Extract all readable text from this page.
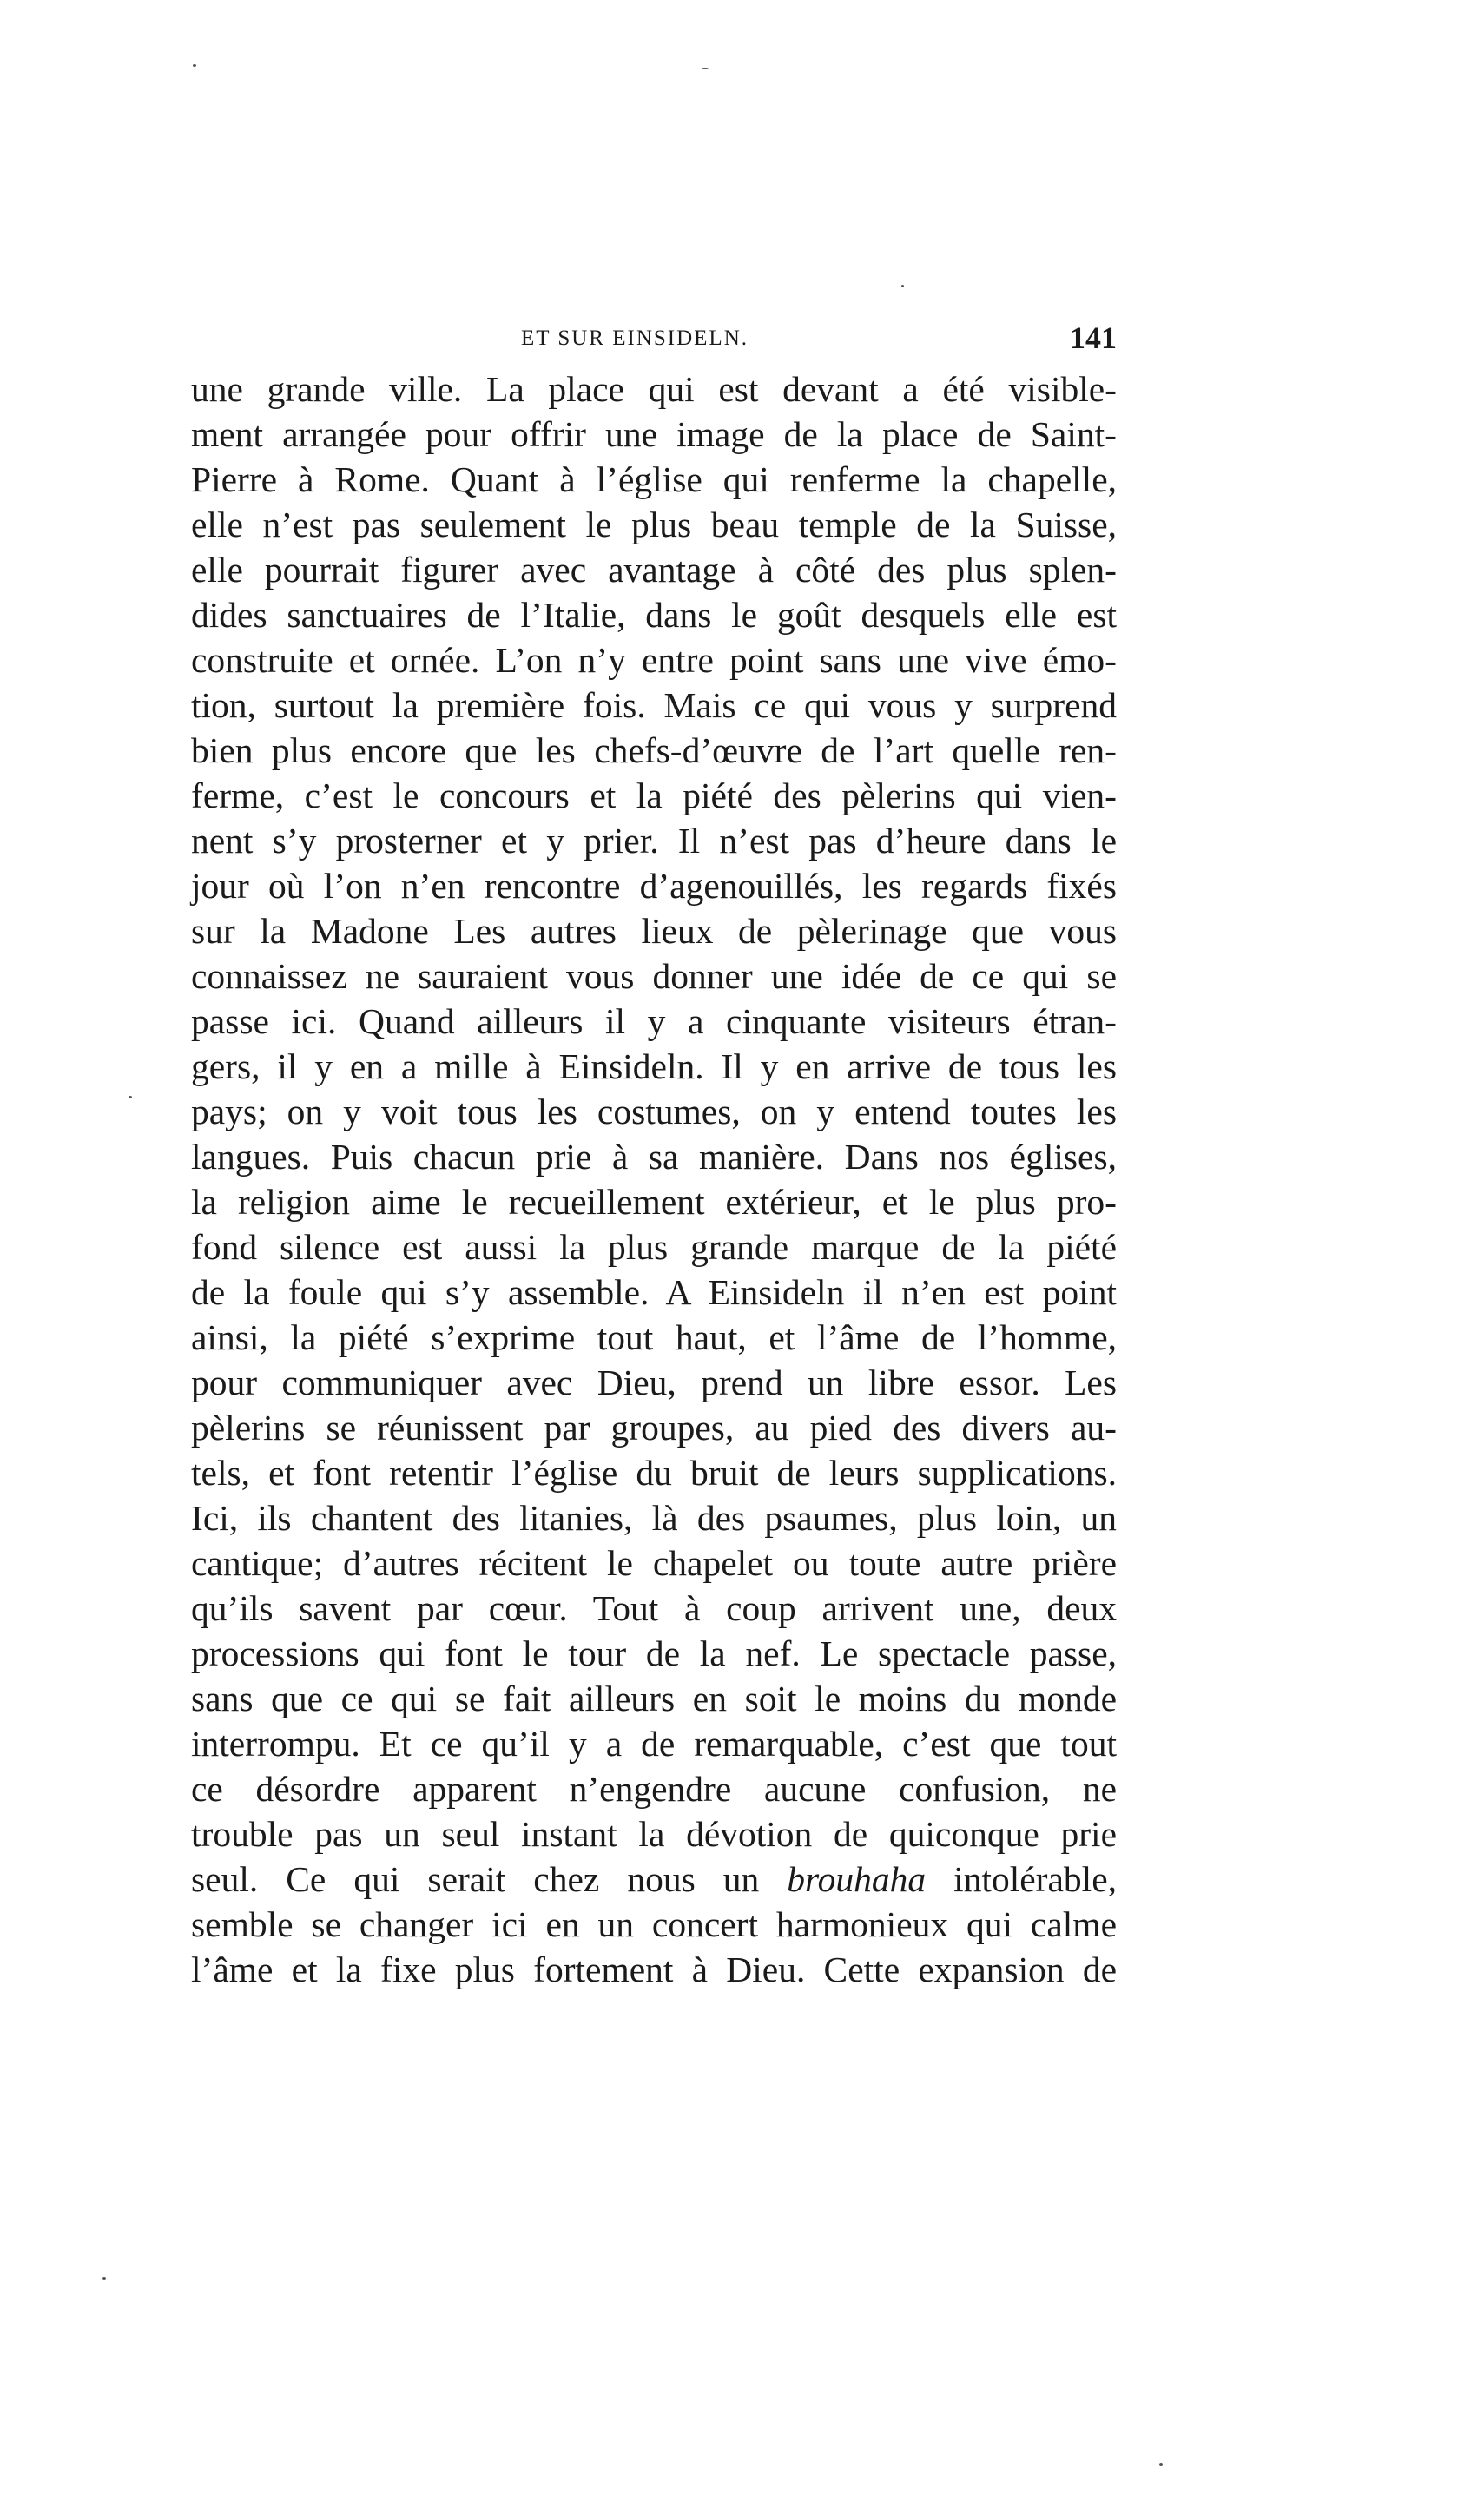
ET SUR EINSIDELN.	141
une grande ville. La place qui est devant a été visible-
ment arrangée pour offrir une image de la place de Saint-
Pierre à Rome. Quant à l’église qui renferme la chapelle,
elle n’est pas seulement le plus beau temple de la Suisse,
elle pourrait figurer avec avantage à côté des plus splen-
dides sanctuaires de l’Italie, dans le goût desquels elle est
construite et ornée. L’on n’y entre point sans une vive émo-
tion, surtout la première fois. Mais ce qui vous y surprend
bien plus encore que les chefs-d’œuvre de l’art quelle ren-
ferme, c’est le concours et la piété des pèlerins qui vien-
nent s’y prosterner et y prier. Il n’est pas d’heure dans le
jour où l’on n’en rencontre d’agenouillés, les regards fixés
sur la Madone Les autres lieux de pèlerinage que vous
connaissez ne sauraient vous donner une idée de ce qui se
passe ici. Quand ailleurs il y a cinquante visiteurs étran-
gers, il y en a mille à Einsideln. Il y en arrive de tous les
pays; on y voit tous les costumes, on y entend toutes les
langues. Puis chacun prie à sa manière. Dans nos églises,
la religion aime le recueillement extérieur, et le plus pro-
fond silence est aussi la plus grande marque de la piété
de la foule qui s’y assemble. A Einsideln il n’en est point
ainsi, la piété s’exprime tout haut, et l’âme de l’homme,
pour communiquer avec Dieu, prend un libre essor. Les
pèlerins se réunissent par groupes, au pied des divers au-
tels, et font retentir l’église du bruit de leurs supplications.
Ici, ils chantent des litanies, là des psaumes, plus loin, un
cantique; d’autres récitent le chapelet ou toute autre prière
qu’ils savent par cœur. Tout à coup arrivent une, deux
processions qui font le tour de la nef. Le spectacle passe,
sans que ce qui se fait ailleurs en soit le moins du monde
interrompu. Et ce qu’il y a de remarquable, c’est que tout
ce désordre apparent n’engendre aucune confusion, ne
trouble pas un seul instant la dévotion de quiconque prie
seul. Ce qui serait chez nous un brouhaha intolérable,
semble se changer ici en un concert harmonieux qui calme
l’âme et la fixe plus fortement à Dieu. Cette expansion de
